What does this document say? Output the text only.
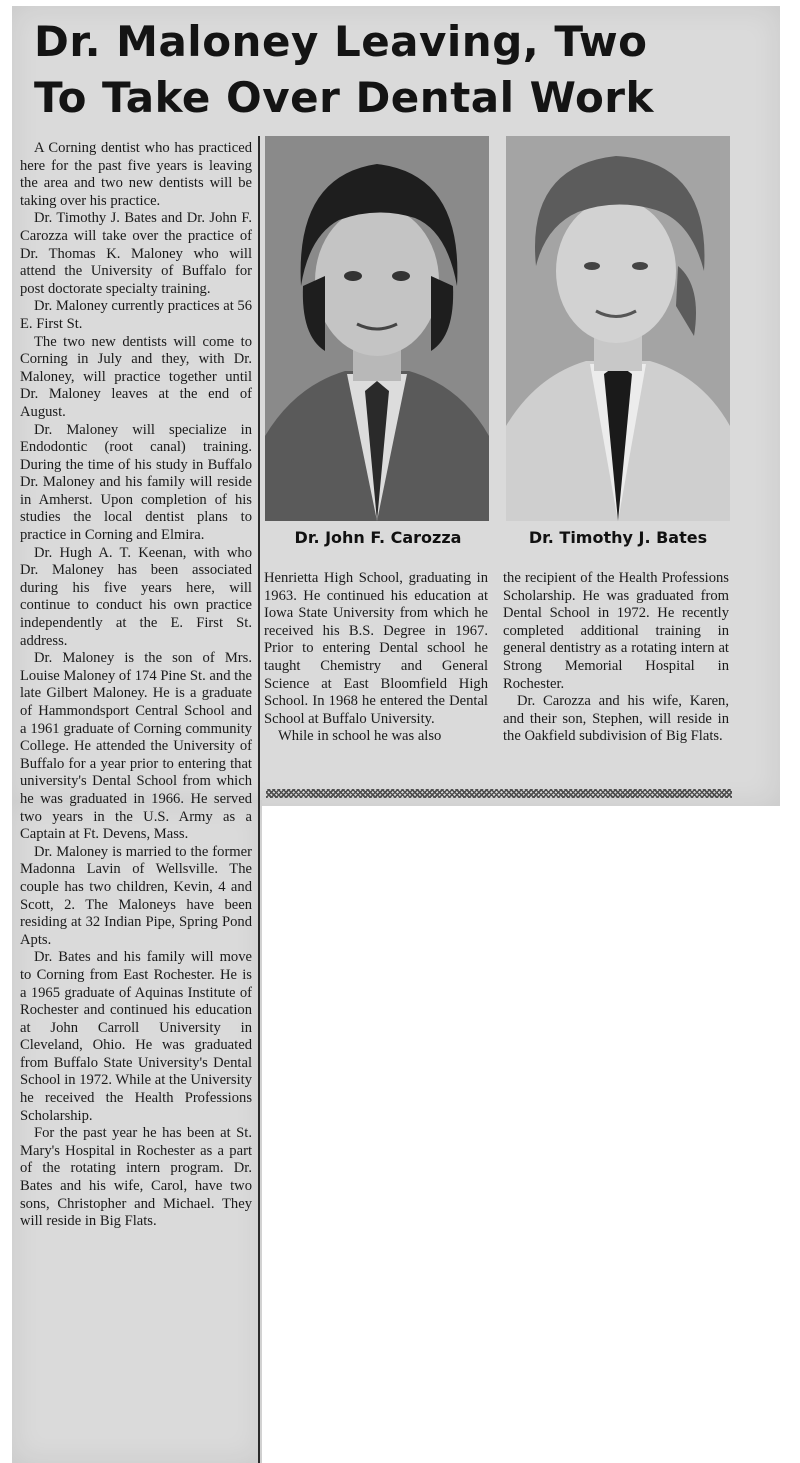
Dr. Maloney Leaving, Two
To Take Over Dental Work
Dr. John F. Carozza	Dr. Timothy J. Bates

A Corning dentist who has practiced here for the past five years is leaving the area and two new dentists will be taking over his practice.

Dr. Timothy J. Bates and Dr. John F. Carozza will take over the practice of Dr. Thomas K. Maloney who will attend the University of Buffalo for post doctorate specialty training.

Dr. Maloney currently practices at 56 E. First St.

The two new dentists will come to Corning in July and they, with Dr. Maloney, will practice together until Dr. Maloney leaves at the end of August.

Dr. Maloney will specialize in Endodontic (root canal) training. During the time of his study in Buffalo Dr. Maloney and his family will reside in Amherst. Upon completion of his studies the local dentist plans to practice in Corning and Elmira.

Dr. Hugh A. T. Keenan, with who Dr. Maloney has been associated during his five years here, will continue to conduct his own practice independently at the E. First St. address.

Dr. Maloney is the son of Mrs. Louise Maloney of 174 Pine St. and the late Gilbert Maloney. He is a graduate of Hammondsport Central School and a 1961 graduate of Corning community College. He attended the University of Buffalo for a year prior to entering that university's Dental School from which he was graduated in 1966. He served two years in the U.S. Army as a Captain at Ft. Devens, Mass.

Dr. Maloney is married to the former Madonna Lavin of Wellsville. The couple has two children, Kevin, 4 and Scott, 2. The Maloneys have been residing at 32 Indian Pipe, Spring Pond Apts.

Dr. Bates and his family will move to Corning from East Rochester. He is a 1965 graduate of Aquinas Institute of Rochester and continued his education at John Carroll University in Cleveland, Ohio. He was graduated from Buffalo State University's Dental School in 1972. While at the University he received the Health Professions Scholarship.

For the past year he has been at St. Mary's Hospital in Rochester as a part of the rotating intern program. Dr. Bates and his wife, Carol, have two sons, Christopher and Michael. They will reside in Big Flats.

Henrietta High School, graduating in 1963. He continued his education at Iowa State University from which he received his B.S. Degree in 1967. Prior to entering Dental school he taught Chemistry and General Science at East Bloomfield High School. In 1968 he entered the Dental School at Buffalo University.

While in school he was also

the recipient of the Health Professions Scholarship. He was graduated from Dental School in 1972. He recently completed additional training in general dentistry as a rotating intern at Strong Memorial Hospital in Rochester.

Dr. Carozza and his wife, Karen, and their son, Stephen, will reside in the Oakfield subdivision of Big Flats.
